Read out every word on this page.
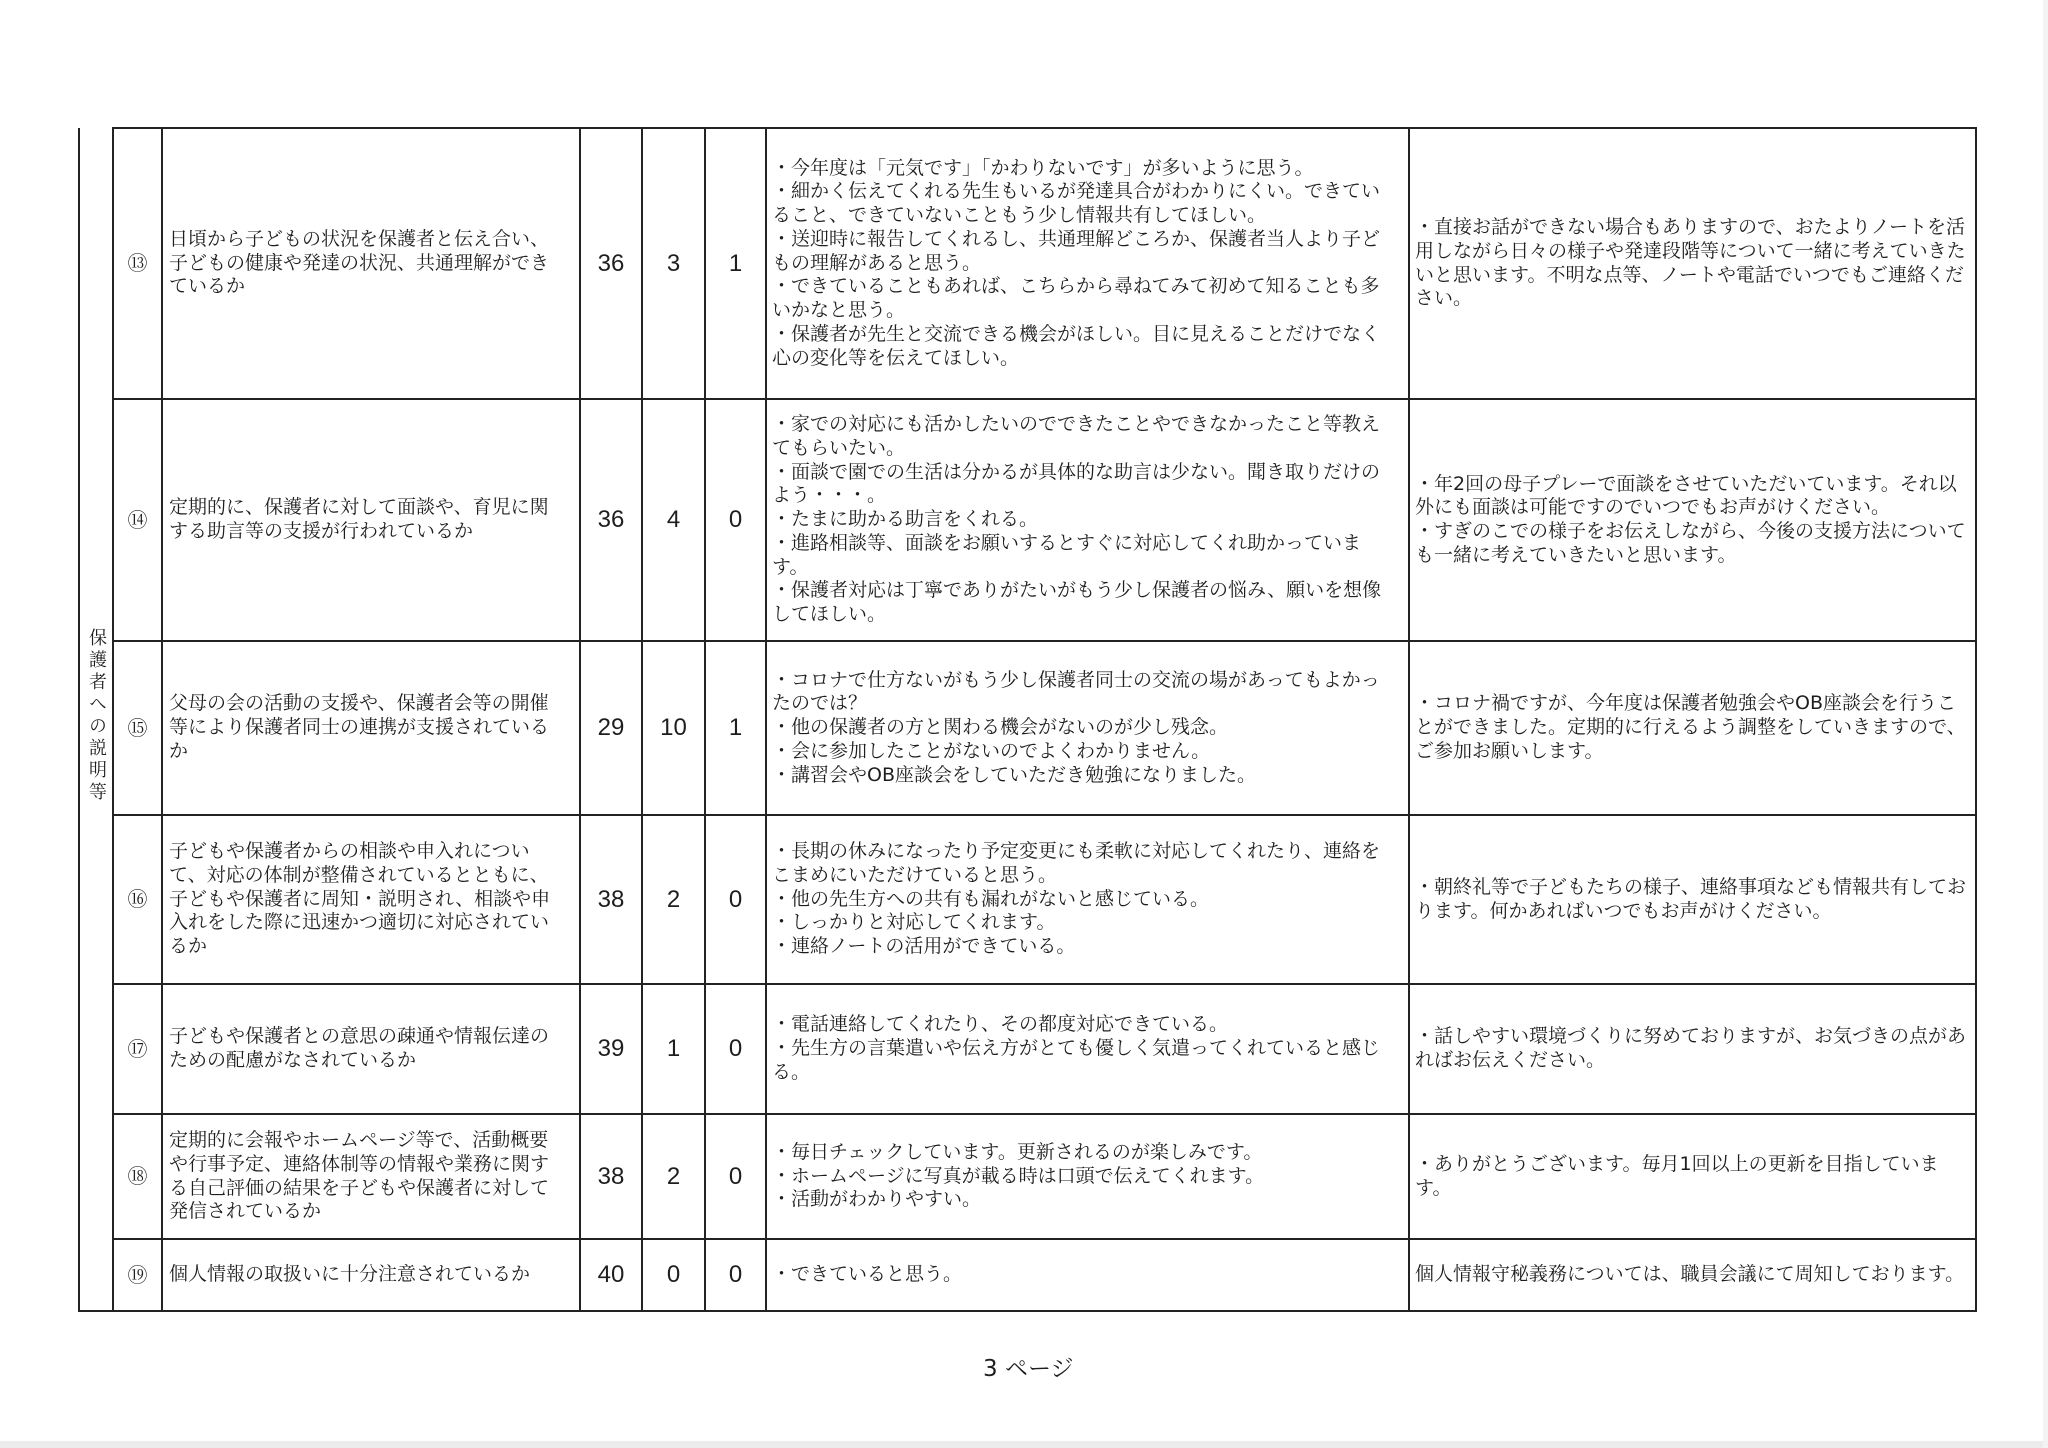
保護者への説明等	⑬	日頃から子どもの状況を保護者と伝え合い、子どもの健康や発達の状況、共通理解ができているか	36	3	1	・今年度は「元気です」「かわりないです」が多いように思う。
・細かく伝えてくれる先生もいるが発達具合がわかりにくい。できていること、できていないこともう少し情報共有してほしい。
・送迎時に報告してくれるし、共通理解どころか、保護者当人より子どもの理解があると思う。
・できていることもあれば、こちらから尋ねてみて初めて知ることも多いかなと思う。
・保護者が先生と交流できる機会がほしい。目に見えることだけでなく心の変化等を伝えてほしい。	・直接お話ができない場合もありますので、おたよりノートを活用しながら日々の様子や発達段階等について一緒に考えていきたいと思います。不明な点等、ノートや電話でいつでもご連絡ください。

	⑭	定期的に、保護者に対して面談や、育児に関する助言等の支援が行われているか	36	4	0	・家での対応にも活かしたいのでできたことやできなかったこと等教えてもらいたい。
・面談で園での生活は分かるが具体的な助言は少ない。聞き取りだけのよう・・・。
・たまに助かる助言をくれる。
・進路相談等、面談をお願いするとすぐに対応してくれ助かっています。
・保護者対応は丁寧でありがたいがもう少し保護者の悩み、願いを想像してほしい。	・年2回の母子プレーで面談をさせていただいています。それ以外にも面談は可能ですのでいつでもお声がけください。
・すぎのこでの様子をお伝えしながら、今後の支援方法についても一緒に考えていきたいと思います。

	⑮	父母の会の活動の支援や、保護者会等の開催等により保護者同士の連携が支援されているか	29	10	1	・コロナで仕方ないがもう少し保護者同士の交流の場があってもよかったのでは？
・他の保護者の方と関わる機会がないのが少し残念。
・会に参加したことがないのでよくわかりません。
・講習会やOB座談会をしていただき勉強になりました。	・コロナ禍ですが、今年度は保護者勉強会やOB座談会を行うことができました。定期的に行えるよう調整をしていきますので、ご参加お願いします。

	⑯	子どもや保護者からの相談や申入れについて、対応の体制が整備されているとともに、子どもや保護者に周知・説明され、相談や申入れをした際に迅速かつ適切に対応されているか	38	2	0	・長期の休みになったり予定変更にも柔軟に対応してくれたり、連絡をこまめにいただけていると思う。
・他の先生方への共有も漏れがないと感じている。
・しっかりと対応してくれます。
・連絡ノートの活用ができている。	・朝終礼等で子どもたちの様子、連絡事項なども情報共有しております。何かあればいつでもお声がけください。

	⑰	子どもや保護者との意思の疎通や情報伝達のための配慮がなされているか	39	1	0	・電話連絡してくれたり、その都度対応できている。
・先生方の言葉遣いや伝え方がとても優しく気遣ってくれていると感じる。	・話しやすい環境づくりに努めておりますが、お気づきの点があればお伝えください。

	⑱	定期的に会報やホームページ等で、活動概要や行事予定、連絡体制等の情報や業務に関する自己評価の結果を子どもや保護者に対して発信されているか	38	2	0	・毎日チェックしています。更新されるのが楽しみです。
・ホームページに写真が載る時は口頭で伝えてくれます。
・活動がわかりやすい。	・ありがとうございます。毎月1回以上の更新を目指しています。

	⑲	個人情報の取扱いに十分注意されているか	40	0	0	・できていると思う。	個人情報守秘義務については、職員会議にて周知しております。
3 ページ
